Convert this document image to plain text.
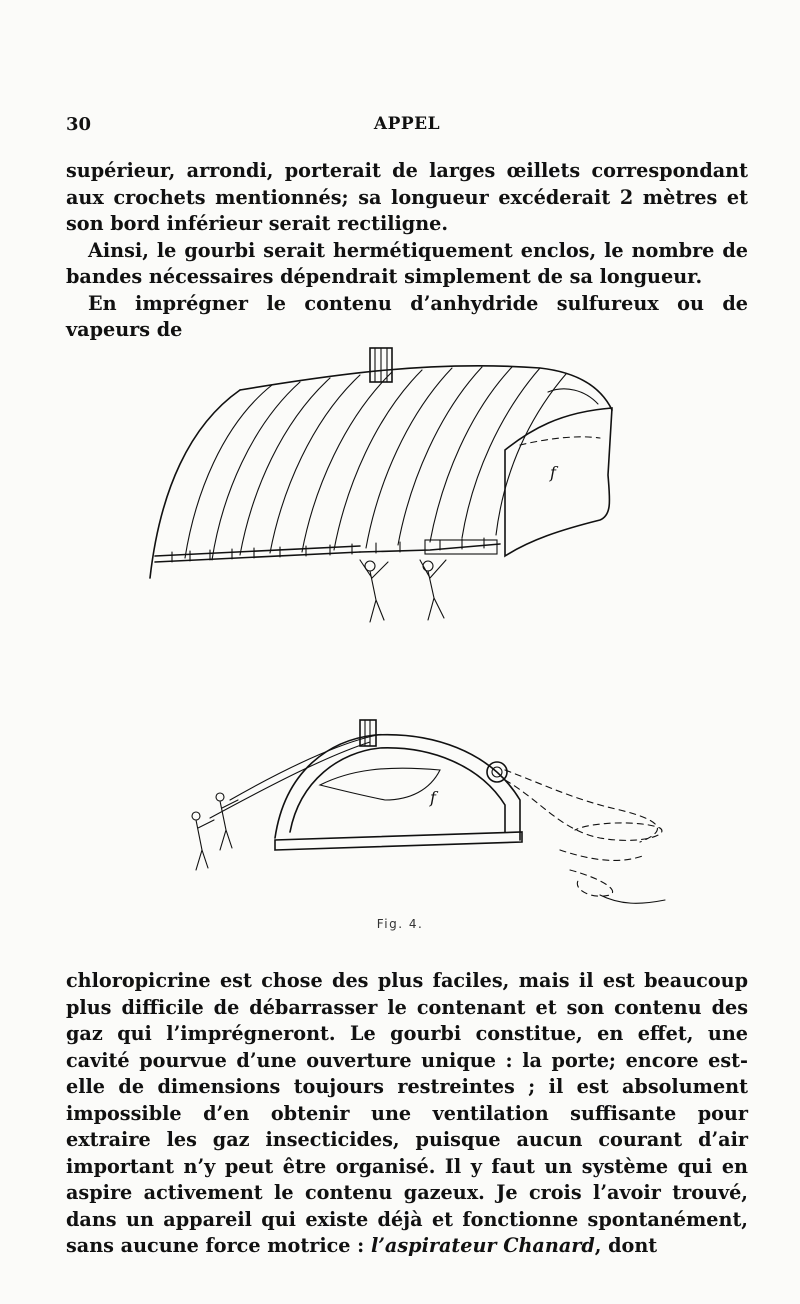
30	APPEL

supérieur, arrondi, porterait de larges œillets correspondant aux crochets mentionnés; sa longueur excéderait 2 mètres et son bord inférieur serait rectiligne.

Ainsi, le gourbi serait hermétiquement enclos, le nombre de bandes nécessaires dépendrait simplement de sa longueur.

En imprégner le contenu d’anhydride sulfureux ou de vapeurs de

f
f
Fig. 4.

chloropicrine est chose des plus faciles, mais il est beaucoup plus difficile de débarrasser le contenant et son contenu des gaz qui l’imprégneront. Le gourbi constitue, en effet, une cavité pourvue d’une ouverture unique : la porte; encore est-elle de dimensions toujours restreintes ; il est absolument impossible d’en obtenir une ventilation suffisante pour extraire les gaz insecticides, puisque aucun courant d’air important n’y peut être organisé. Il y faut un système qui en aspire activement le contenu gazeux. Je crois l’avoir trouvé, dans un appareil qui existe déjà et fonctionne spontanément, sans aucune force motrice : l’aspirateur Chanard, dont
